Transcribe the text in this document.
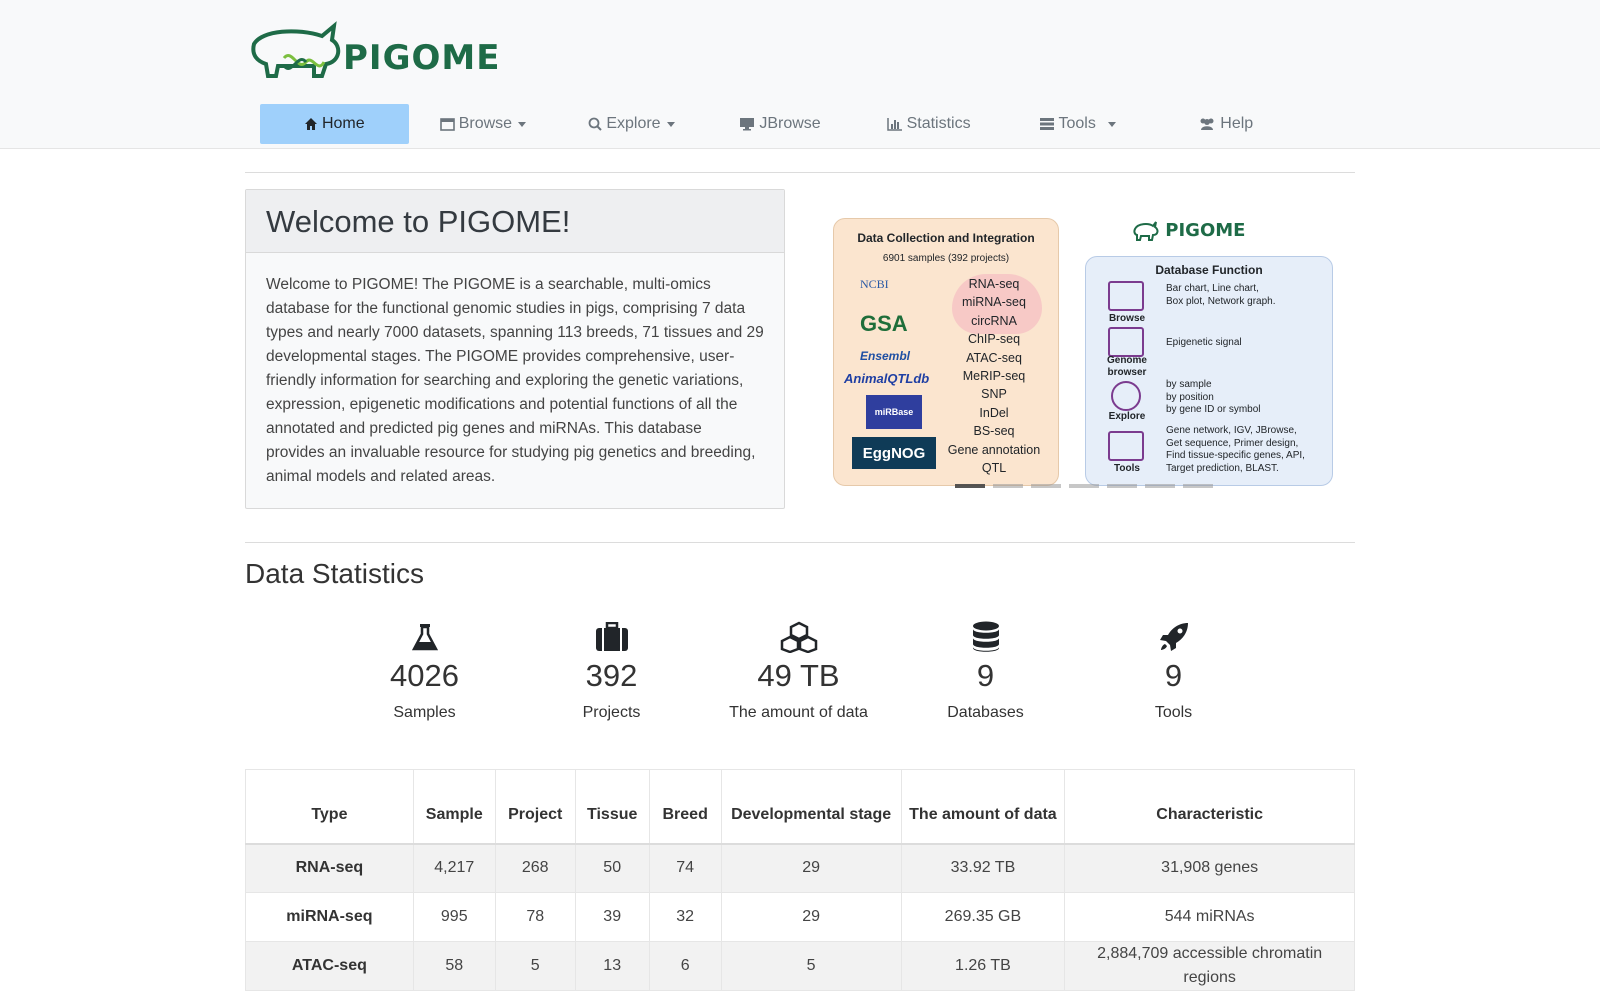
PIGOME
Home	Browse	Explore	JBrowse	Statistics	Tools	Help
Welcome to PIGOME!
Welcome to PIGOME! The PIGOME is a searchable, multi-omics database for the functional genomic studies in pigs, comprising 7 data types and nearly 7000 datasets, spanning 113 breeds, 71 tissues and 29 developmental stages. The PIGOME provides comprehensive, user-friendly information for searching and exploring the genetic variations, expression, epigenetic modifications and potential functions of all the annotated and predicted pig genes and miRNAs. This database provides an invaluable resource for studying pig genetics and breeding, animal models and related areas.
Data Collection and Integration
6901 samples (392 projects)
NCBI
GSA
Ensembl
AnimalQTLdb
miRBase
EggNOG
RNA-seq
miRNA-seq
circRNA
ChIP-seq
ATAC-seq
MeRIP-seq
SNP
InDel
BS-seq
Gene annotation
QTL
PIGOME
Database Function
Browse
Bar chart, Line chart,
Box plot, Network graph.
Genome browser
Epigenetic signal
Explore
by sample
by position
by gene ID or symbol
Tools
Gene network, IGV, JBrowse,
Get sequence, Primer design,
Find tissue-specific genes, API,
Target prediction, BLAST.
Data Statistics
4026
Samples
392
Projects
49 TB
The amount of data
9
Databases
9
Tools
Type	Sample	Project	Tissue	Breed	Developmental stage	The amount of data	Characteristic
RNA-seq	4,217	268	50	74	29	33.92 TB	31,908 genes
miRNA-seq	995	78	39	32	29	269.35 GB	544 miRNAs
ATAC-seq	58	5	13	6	5	1.26 TB	2,884,709 accessible chromatin regions
